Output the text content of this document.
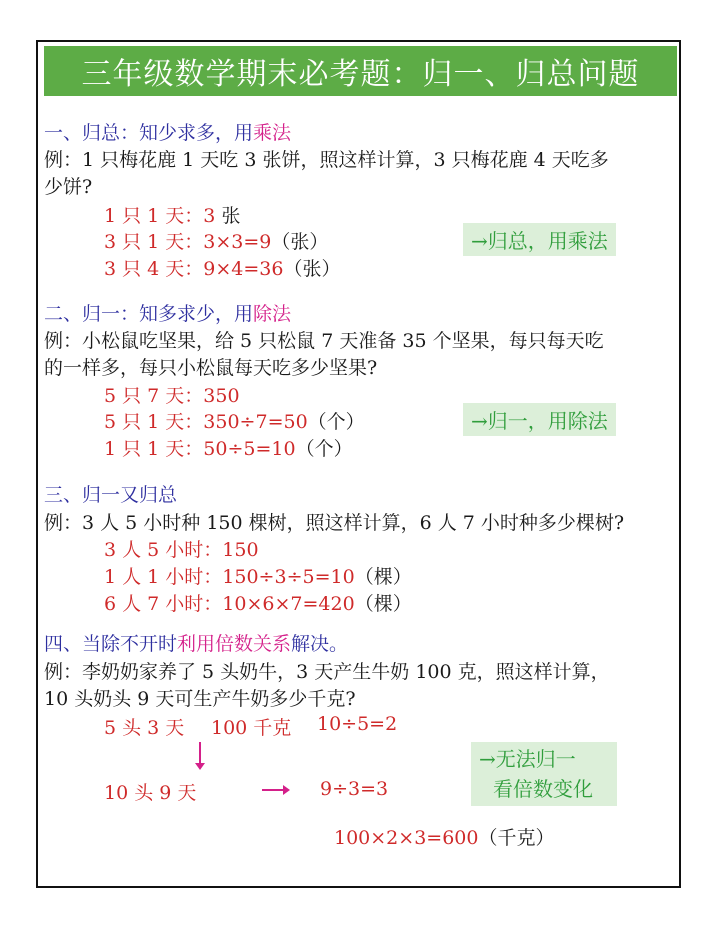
三年级数学期末必考题：归一、归总问题
一、归总：知少求多，用乘法
例：1 只梅花鹿 1 天吃 3 张饼，照这样计算，3 只梅花鹿 4 天吃多
少饼?
1 只 1 天：3 张
3 只 1 天：3×3=9（张）
3 只 4 天：9×4=36（张）
→归总，用乘法
二、归一：知多求少，用除法
例：小松鼠吃坚果，给 5 只松鼠 7 天准备 35 个坚果，每只每天吃
的一样多，每只小松鼠每天吃多少坚果?
5 只 7 天：350
5 只 1 天：350÷7=50（个）
1 只 1 天：50÷5=10（个）
→归一，用除法
三、归一又归总
例：3 人 5 小时种 150 棵树，照这样计算，6 人 7 小时种多少棵树?
3 人 5 小时：150
1 人 1 小时：150÷3÷5=10（棵）
6 人 7 小时：10×6×7=420（棵）
四、当除不开时利用倍数关系解决。
例：李奶奶家养了 5 头奶牛，3 天产生牛奶 100 克，照这样计算，
10 头奶头 9 天可生产牛奶多少千克?
5 头 3 天 100 千克 10÷5=2
10 头 9 天	9÷3=3
100×2×3=600（千克）
→无法归一
看倍数变化
